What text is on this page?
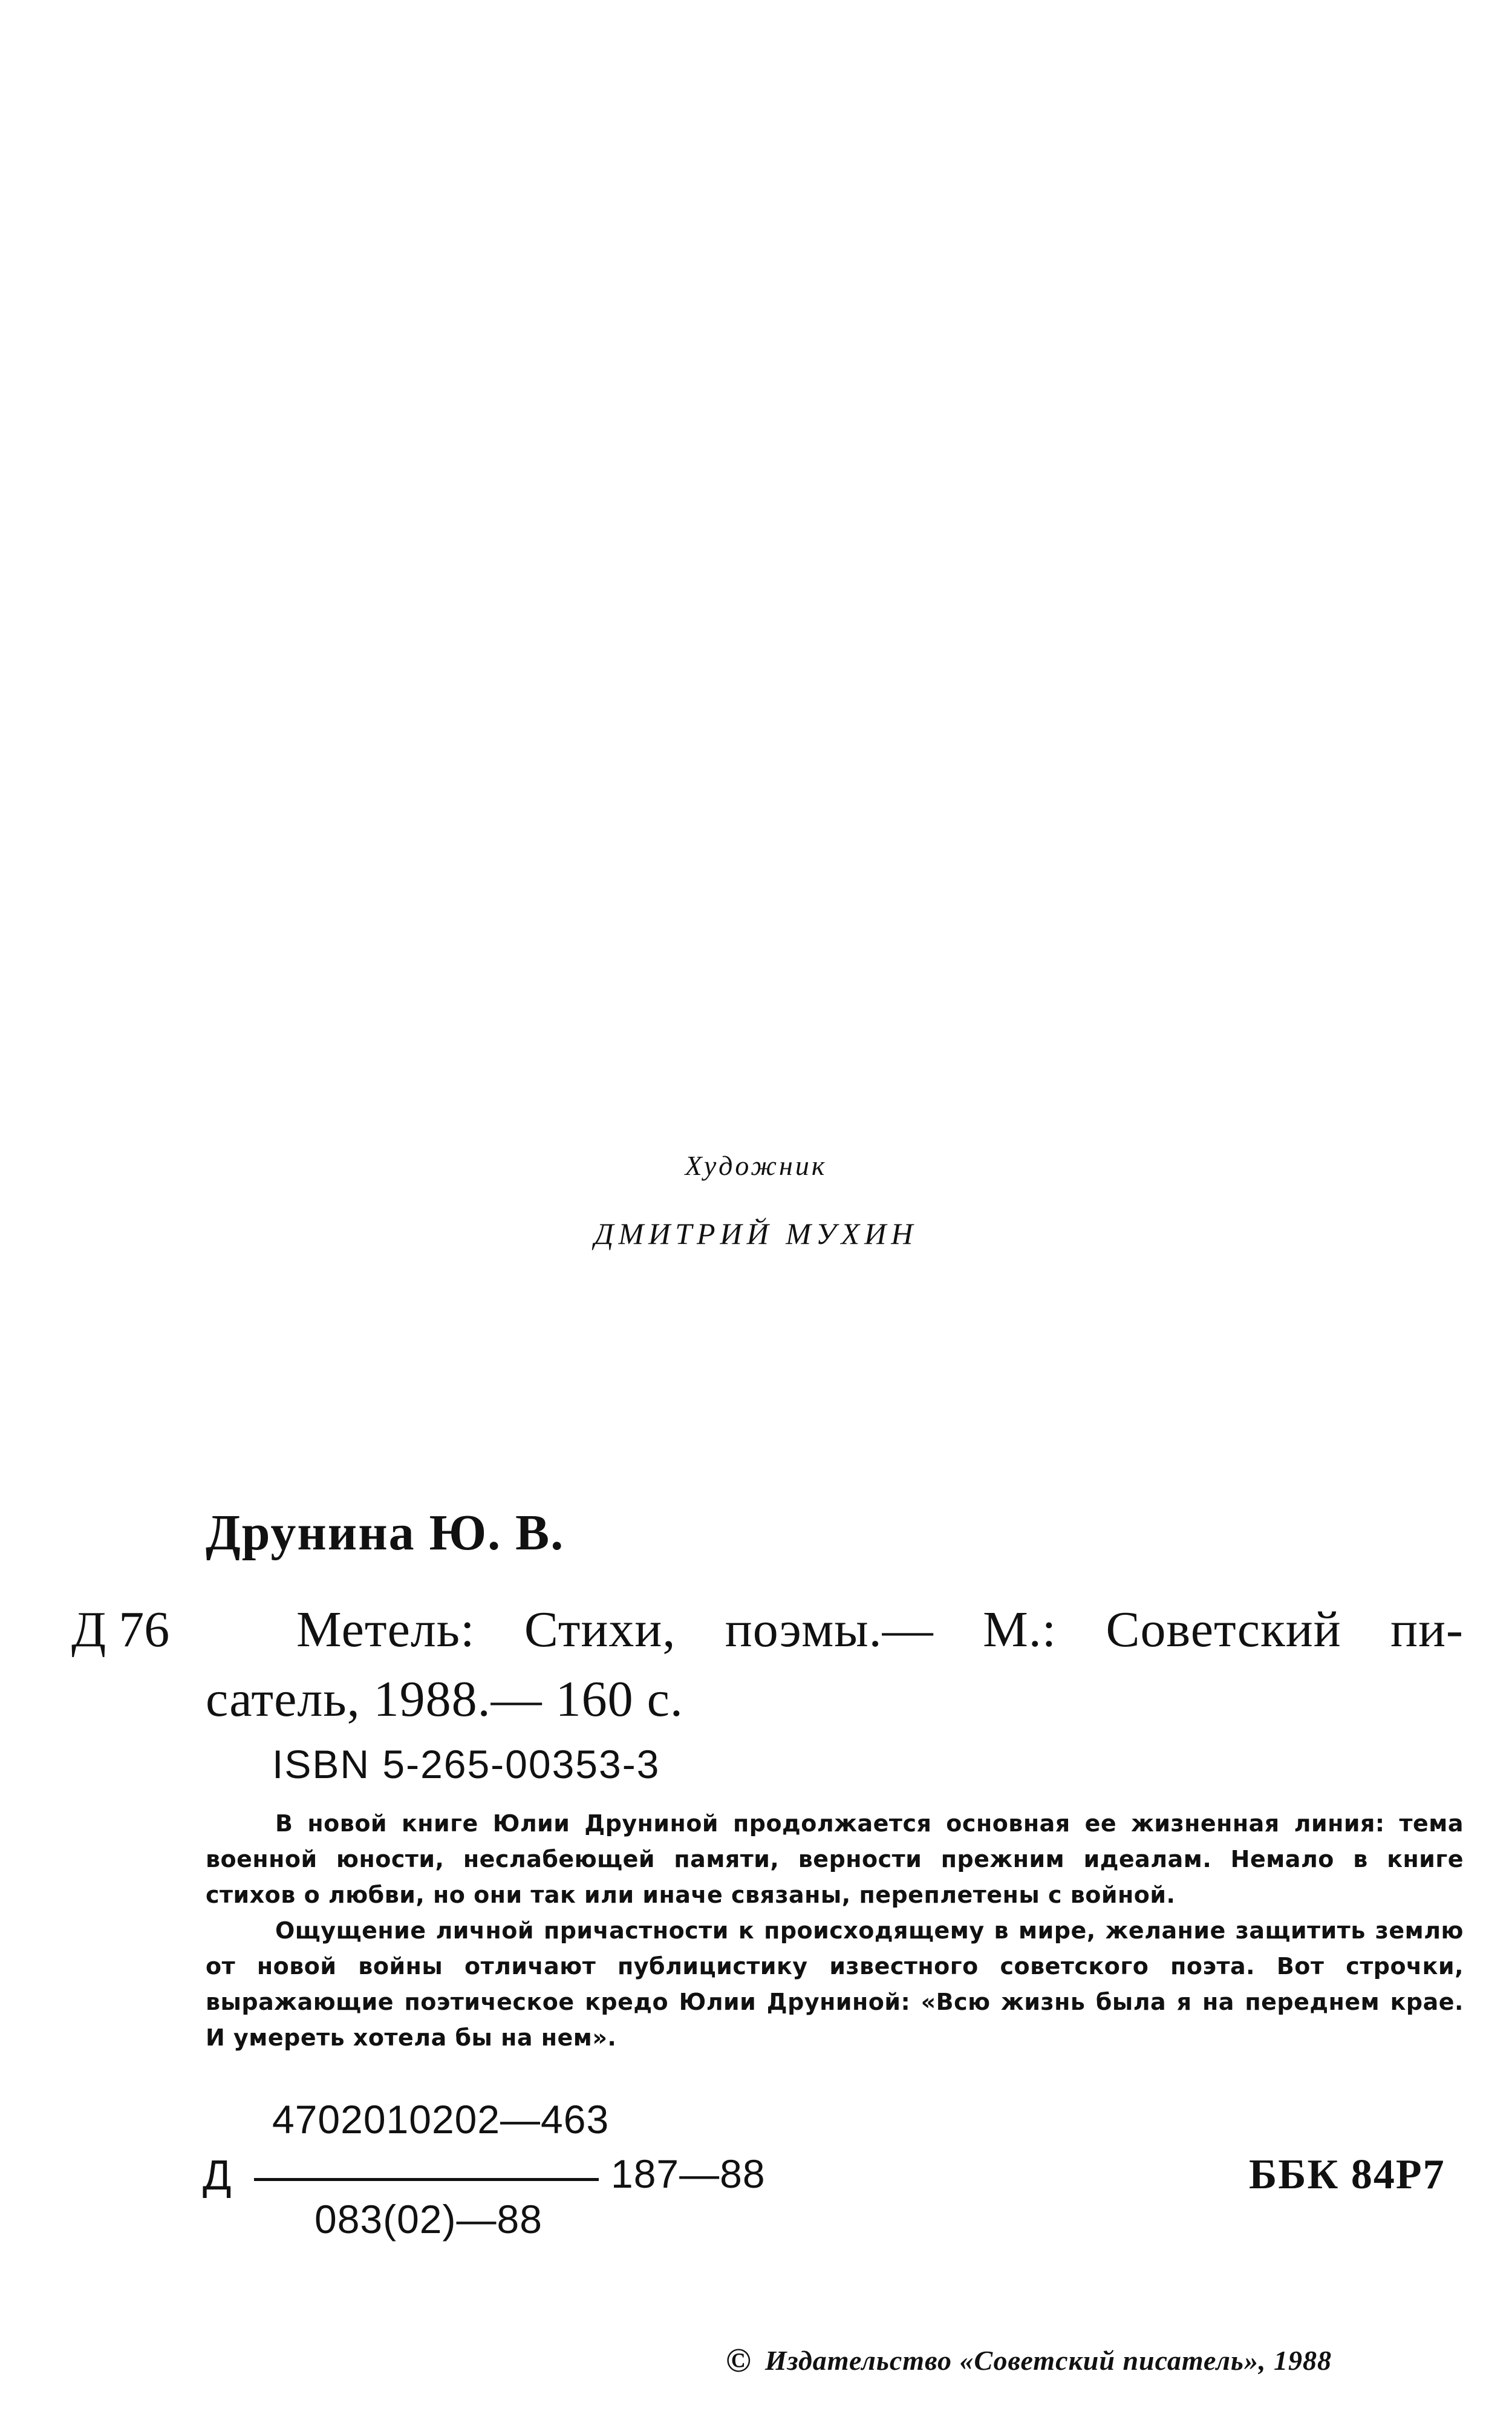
Художник
ДМИТРИЙ МУХИН
Друнина Ю. В.
Д 76 Метель: Стихи, поэмы.— М.: Советский пи-
сатель, 1988.— 160 с.
ISBN 5-265-00353-3

В новой книге Юлии Друниной продолжается основная ее жизненная линия: тема военной юности, неслабеющей памяти, верности прежним идеалам. Немало в книге стихов о любви, но они так или иначе связаны, переплетены с войной.

Ощущение личной причастности к происходящему в мире, желание защитить землю от новой войны отличают публицистику известного советского поэта. Вот строчки, выражающие поэтическое кредо Юлии Друниной: «Всю жизнь была я на переднем крае. И умереть хотела бы на нем».

4702010202—463
Д	187—88
083(02)—88
ББК 84Р7
© Издательство «Советский писатель», 1988
